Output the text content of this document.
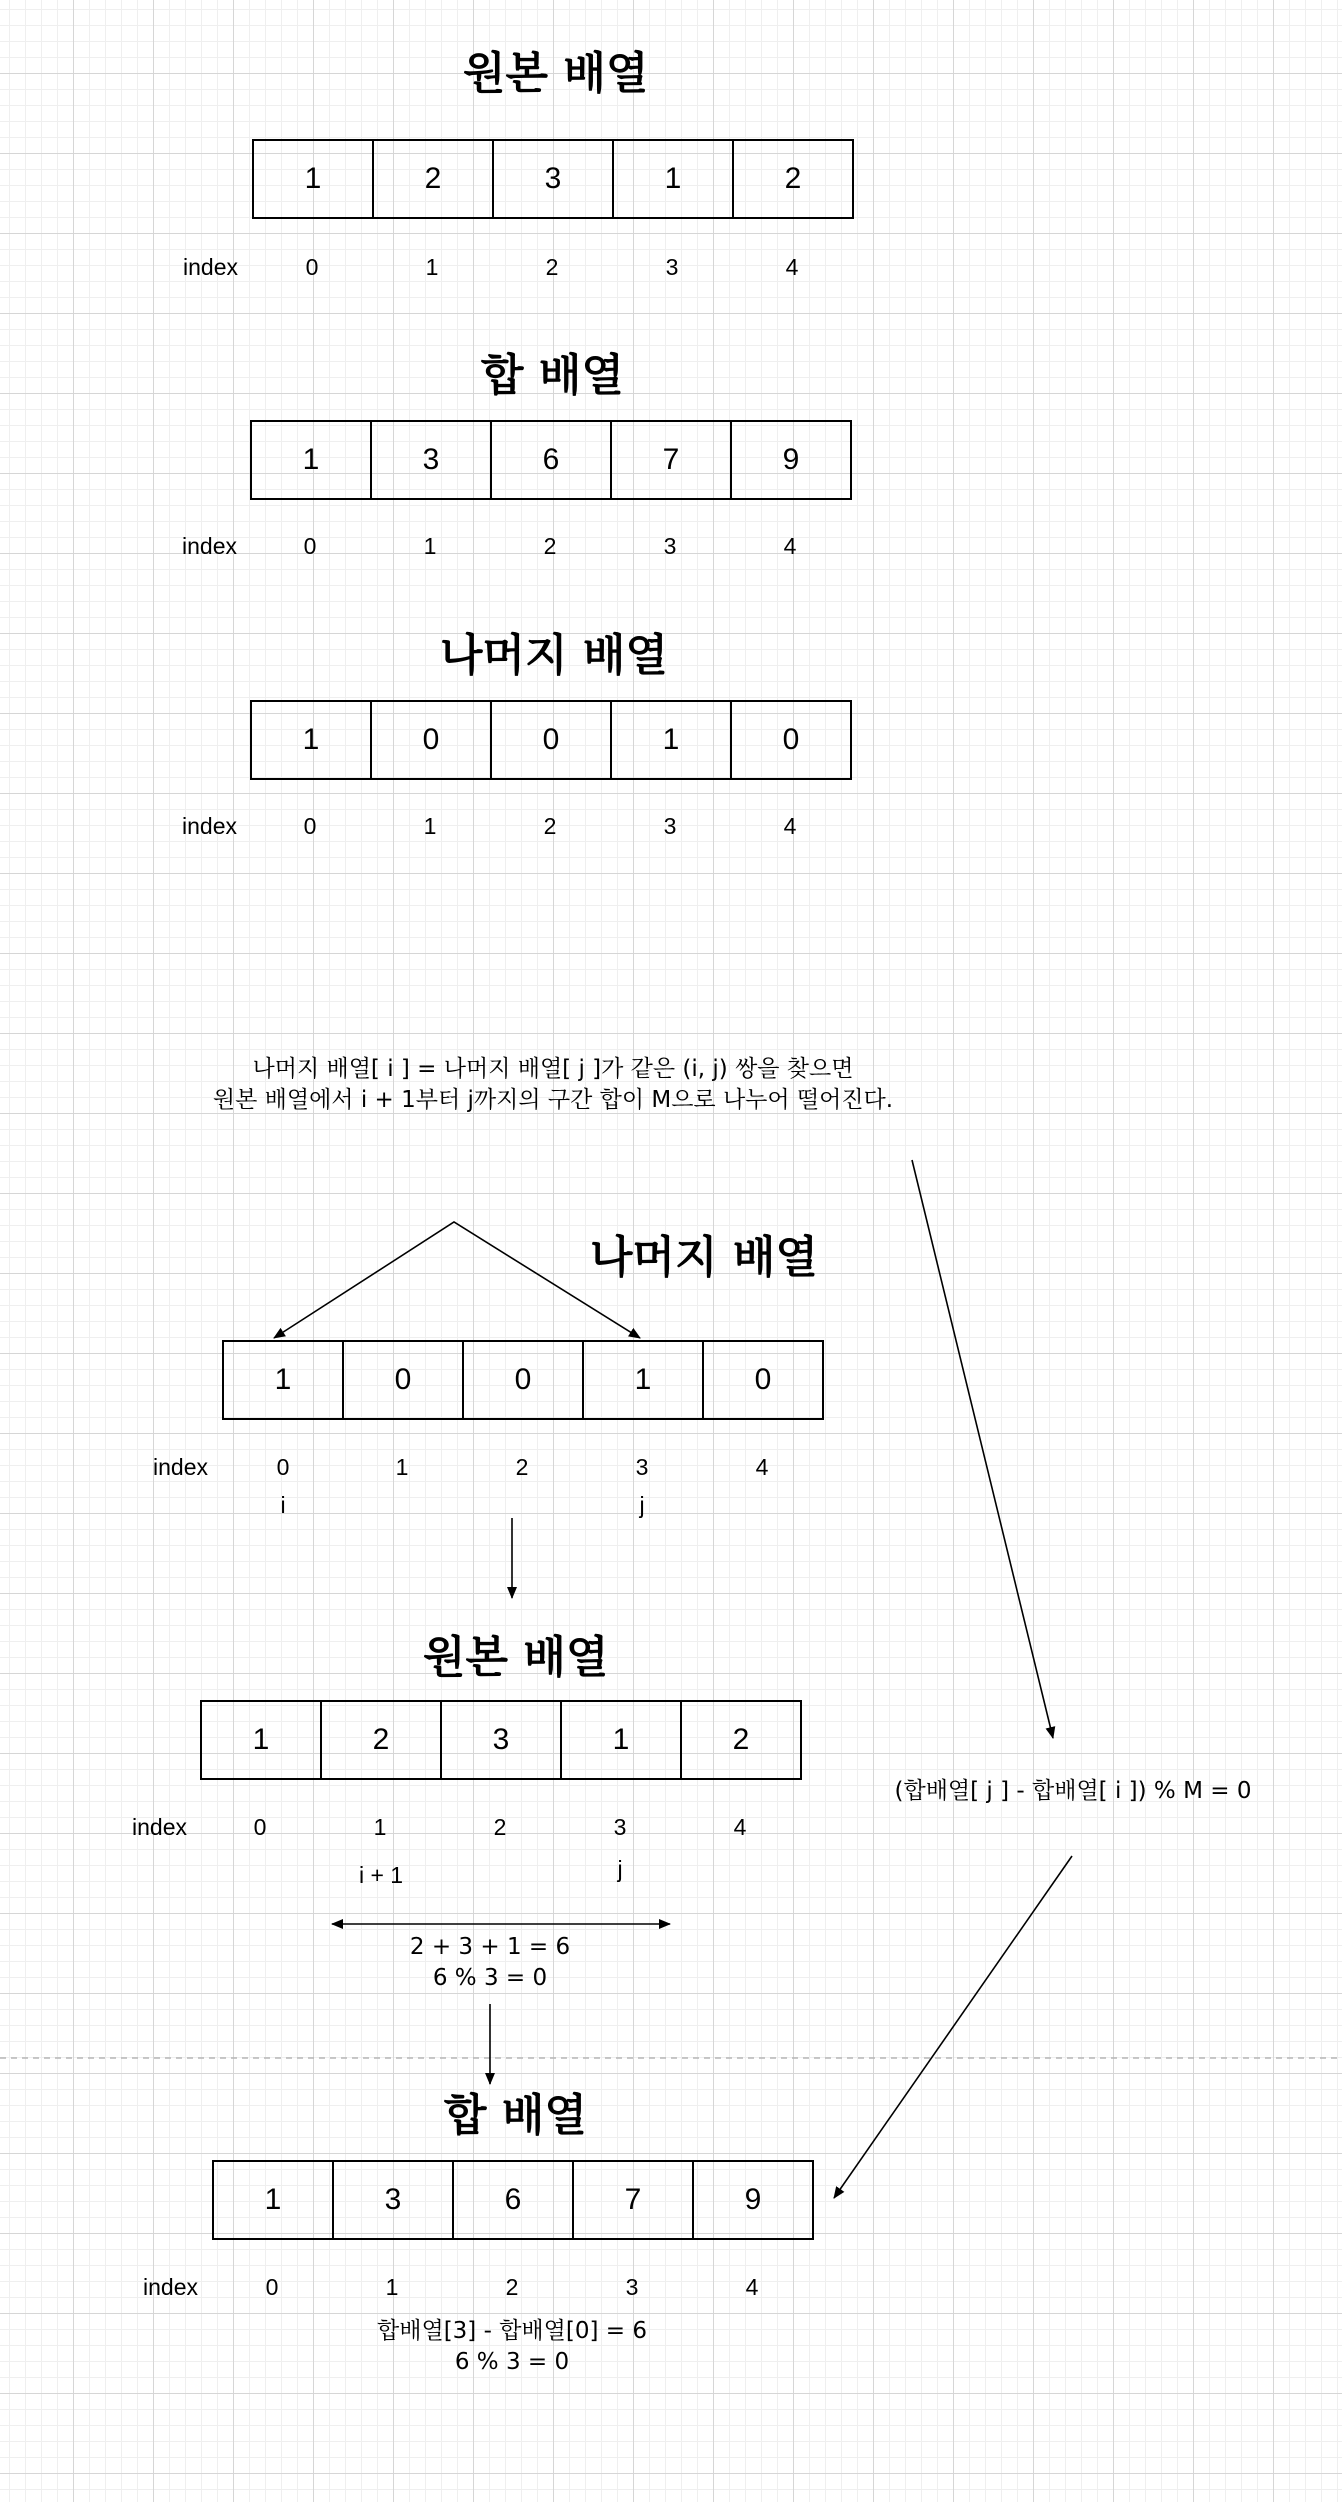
원본 배열
1	2	3	1	2
index	0	1	2	3	4
합 배열
1	3	6	7	9
index	0	1	2	3	4
나머지 배열
1	0	0	1	0
index	0	1	2	3	4
나머지 배열[ i ] = 나머지 배열[ j ]가 같은 (i, j) 쌍을 찾으면
원본 배열에서 i + 1부터 j까지의 구간 합이 M으로 나누어 떨어진다.
나머지 배열
1	0	0	1	0
index	0	1	2	3	4
i	j
원본 배열
1	2	3	1	2
index	0	1	2	3	4
i + 1	j
2 + 3 + 1 = 6
6 % 3 = 0
(합배열[ j ] - 합배열[ i ]) % M = 0
합 배열
1	3	6	7	9
index	0	1	2	3	4
합배열[3] - 합배열[0] = 6
6 % 3 = 0
